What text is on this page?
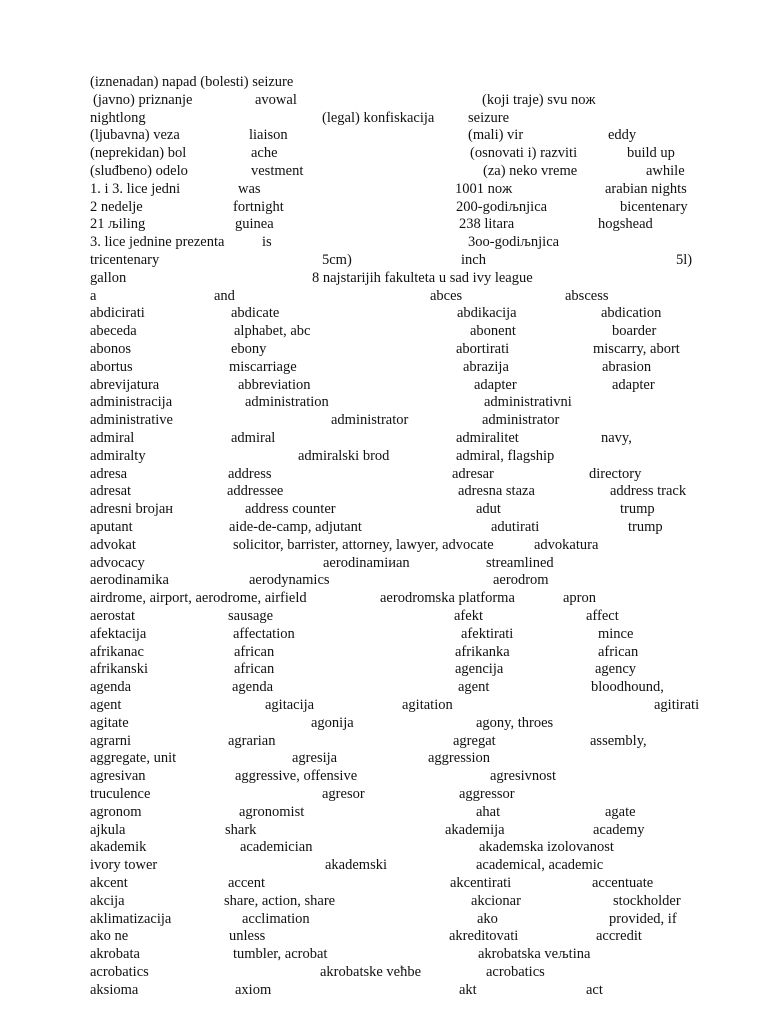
(iznenadan) napad (bolesti) seizure
(javno) priznanje	avowal	(koji traje) svu noж
nightlong	(legal) konfiskacija seizure
(ljubavna) veza	liaison	(mali) vir	eddy
(neprekidan) bol	ache	(osnovati i) razviti	build up
(sluđbeno) odelo	vestment	(za) neko vreme	awhile
1. i 3. lice jedni	was	1001 noж	arabian nights
2 nedelje	fortnight	200-godiљnjica	bicentenary
21 љiling	guinea	238 litara	hogshead
3. lice jednine prezenta	is	3oo-godiљnjica
tricentenary	5cm)	inch	5l)
gallon	8 najstarijih fakulteta u sad ivy league
a	and	abces	abscess
abdicirati	abdicate	abdikacija	abdication
abeceda	alphabet, abc	abonent	boarder
abonos	ebony	abortirati	miscarry, abort
abortus	miscarriage	abrazija	abrasion
abrevijatura	abbreviation	adapter	adapter
administracija	administration	administrativni
administrative	administrator	administrator
admiral	admiral	admiralitet	navy,
admiralty	admiralski brod	admiral, flagship
adresa	address	adresar	directory
adresat	addressee	adresna staza	address track
adresni brojaн	address counter	adut	trump
aputant	aide-de-camp, adjutant	adutirati	trump
advokat	solicitor, barrister, attorney, lawyer, advocate	advokatura
advocacy	aerodinamiиan	streamlined
aerodinamika	aerodynamics	aerodrom
airdrome, airport, aerodrome, airfield	aerodromska platforma	apron
aerostat	sausage	afekt	affect
afektacija	affectation	afektirati	mince
afrikanac	african	afrikanka	african
afrikanski	african	agencija	agency
agenda	agenda	agent	bloodhound,
agent	agitacija	agitation	agitirati
agitate	agonija	agony, throes
agrarni	agrarian	agregat	assembly,
aggregate, unit	agresija	aggression
agresivan	aggressive, offensive	agresivnost
truculence	agresor	aggressor
agronom	agronomist	ahat	agate
ajkula	shark	akademija	academy
akademik	academician	akademska izolovanost
ivory tower	akademski	academical, academic
akcent	accent	akcentirati	accentuate
akcija	share, action, share	akcionar	stockholder
aklimatizacija	acclimation	ako	provided, if
ako ne	unless	akreditovati	accredit
akrobata	tumbler, acrobat	akrobatska veљtina
acrobatics	akrobatske veћbe	acrobatics
aksioma	axiom	akt	act
